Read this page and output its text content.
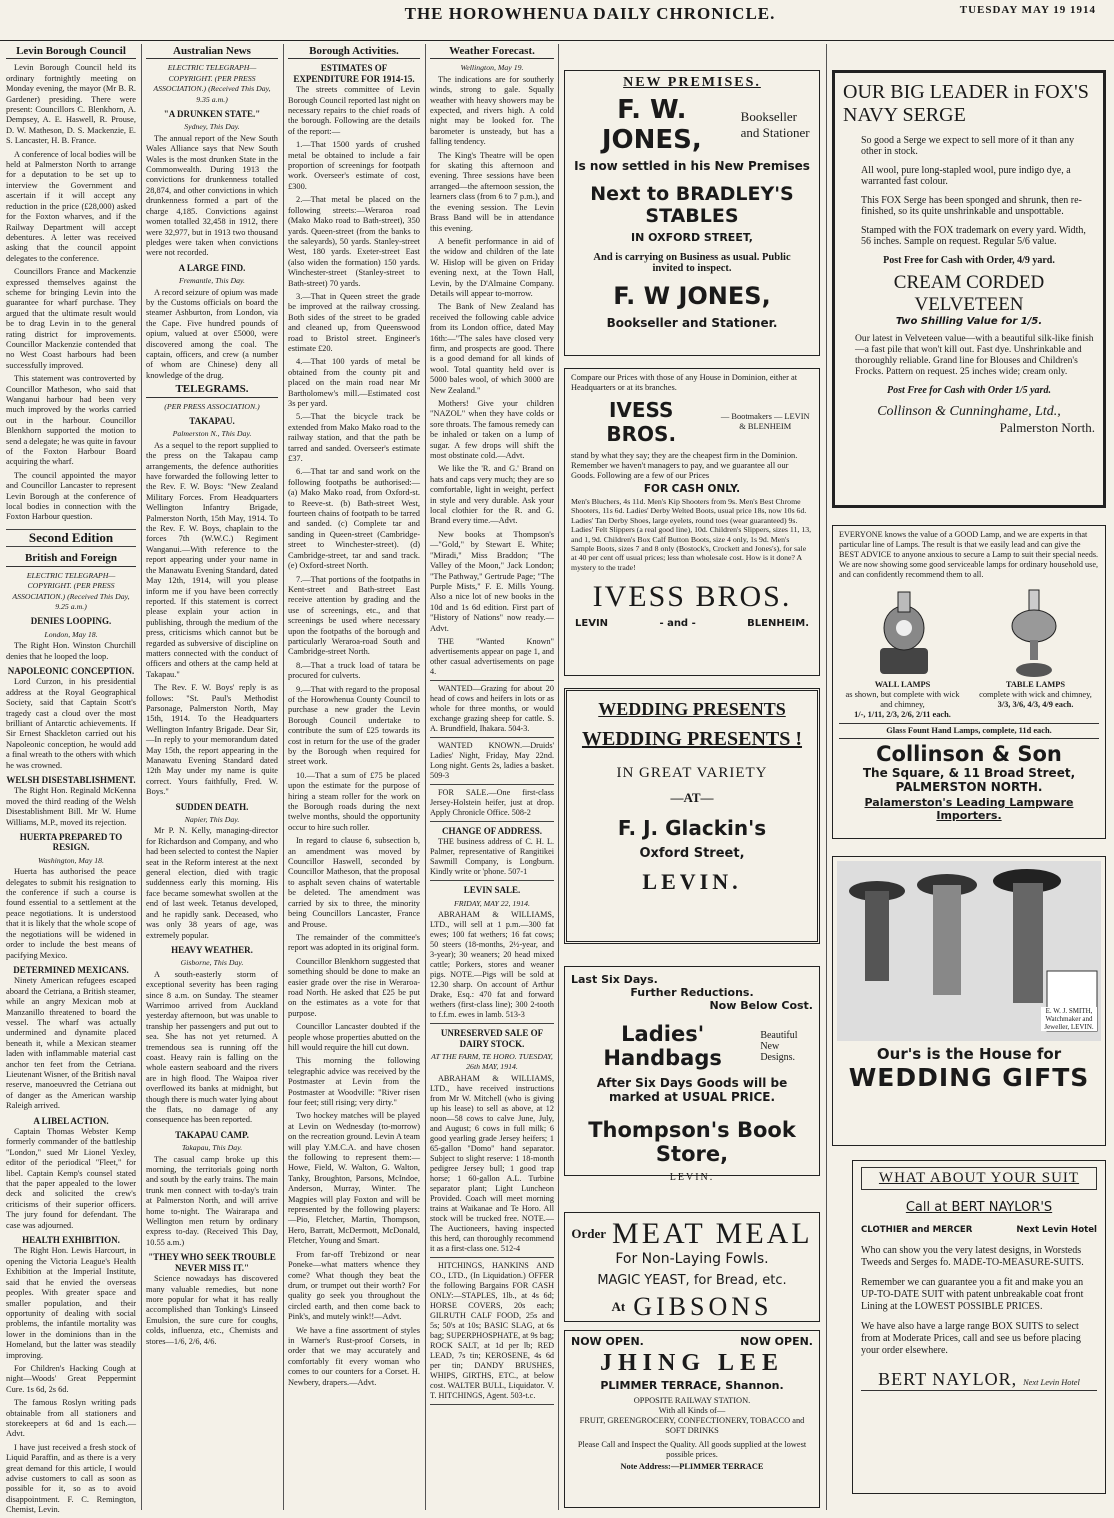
THE HOROWHENUA DAILY CHRONICLE.	TUESDAY MAY 19 1914
Levin Borough Council

Levin Borough Council held its ordinary fortnightly meeting on Monday evening, the mayor (Mr B. R. Gardener) presiding. There were present: Councillors C. Blenkhorn, A. Dempsey, A. E. Haswell, R. Prouse, D. W. Matheson, D. S. Mackenzie, E. S. Lancaster, H. B. France.

A conference of local bodies will be held at Palmerston North to arrange for a deputation to be set up to interview the Government and ascertain if it will accept any reduction in the price (£28,000) asked for the Foxton wharves, and if the Railway Department will accept debentures. A letter was received asking that the council appoint delegates to the conference.

Councillors France and Mackenzie expressed themselves against the scheme for bringing Levin into the guarantee for wharf purchase. They argued that the ultimate result would be to drag Levin in to the general rating district for improvements. Councillor Mackenzie contended that no West Coast harbours had been successfully improved.

This statement was controverted by Councillor Matheson, who said that Wanganui harbour had been very much improved by the works carried out in the harbour. Councillor Blenkhorn supported the motion to send a delegate; he was quite in favour of the Foxton Harbour Board acquiring the wharf.

The council appointed the mayor and Councillor Lancaster to represent Levin Borough at the conference of local bodies in connection with the Foxton Harbour question.

Second Edition
British and Foreign
ELECTRIC TELEGRAPH—COPYRIGHT. (PER PRESS ASSOCIATION.) (Received This Day, 9.25 a.m.)
DENIES LOOPING.
London, May 18.

The Right Hon. Winston Churchill denies that he looped the loop.

NAPOLEONIC CONCEPTION.

Lord Curzon, in his presidential address at the Royal Geographical Society, said that Captain Scott's tragedy cast a cloud over the most brilliant of Antarctic achievements. If Sir Ernest Shackleton carried out his Napoleonic conception, he would add a final wreath to the others with which he was crowned.

WELSH DISESTABLISHMENT.

The Right Hon. Reginald McKenna moved the third reading of the Welsh Disestablishment Bill. Mr W. Hume Williams, M.P., moved its rejection.

HUERTA PREPARED TO RESIGN.
Washington, May 18.

Huerta has authorised the peace delegates to submit his resignation to the conference if such a course is found essential to a settlement at the peace negotiations. It is understood that it is likely that the whole scope of the negotiations will be widened in order to include the best means of pacifying Mexico.

DETERMINED MEXICANS.

Ninety American refugees escaped aboard the Cetriana, a British steamer, while an angry Mexican mob at Manzanillo threatened to board the vessel. The wharf was actually undermined and dynamite placed beneath it, while a Mexican steamer laden with inflammable material cast anchor ten feet from the Cetriana. Lieutenant Wisner, of the British naval reserve, manoeuvred the Cetriana out of danger as the American warship Raleigh arrived.

A LIBEL ACTION.

Captain Thomas Webster Kemp formerly commander of the battleship "London," sued Mr Lionel Yexley, editor of the periodical "Fleet," for libel. Captain Kemp's counsel stated that the paper appealed to the lower deck and solicited the crew's criticisms of their superior officers. The jury found for defendant. The case was adjourned.

HEALTH EXHIBITION.

The Right Hon. Lewis Harcourt, in opening the Victoria League's Health Exhibition at the Imperial Institute, said that he envied the overseas peoples. With greater space and smaller population, and their opportunity of dealing with social problems, the infantile mortality was lower in the dominions than in the Homeland, but the latter was steadily improving.

For Children's Hacking Cough at night—Woods' Great Peppermint Cure. 1s 6d, 2s 6d.

The famous Roslyn writing pads obtainable from all stationers and storekeepers at 6d and 1s each.—Advt.

I have just received a fresh stock of Liquid Paraffin, and as there is a very great demand for this article, I would advise customers to call as soon as possible for it, so as to avoid disappointment. F. C. Remington, Chemist, Levin.

Australian News
ELECTRIC TELEGRAPH—COPYRIGHT. (PER PRESS ASSOCIATION.) (Received This Day, 9.35 a.m.)
"A DRUNKEN STATE."
Sydney, This Day.

The annual report of the New South Wales Alliance says that New South Wales is the most drunken State in the Commonwealth. During 1913 the convictions for drunkenness totalled 28,874, and other convictions in which drunkenness formed a part of the charge 4,185. Convictions against women totalled 32,458 in 1912, there were 32,977, but in 1913 two thousand pledges were taken when convictions were not recorded.

A LARGE FIND.
Fremantle, This Day.

A record seizure of opium was made by the Customs officials on board the steamer Ashburton, from London, via the Cape. Five hundred pounds of opium, valued at over £5000, were discovered among the coal. The captain, officers, and crew (a number of whom are Chinese) deny all knowledge of the drug.

TELEGRAMS.
(PER PRESS ASSOCIATION.)
TAKAPAU.
Palmerston N., This Day.

As a sequel to the report supplied to the press on the Takapau camp arrangements, the defence authorities have forwarded the following letter to the Rev. F. W. Boys: "New Zealand Military Forces. From Headquarters Wellington Infantry Brigade, Palmerston North, 15th May, 1914. To the Rev. F. W. Boys, chaplain to the forces 7th (W.W.C.) Regiment Wanganui.—With reference to the report appearing under your name in the Manawatu Evening Standard, dated May 12th, 1914, will you please inform me if you have been correctly reported. If this statement is correct please explain your action in publishing, through the medium of the press, criticisms which cannot but be regarded as subversive of discipline on matters connected with the conduct of officers and others at the camp held at Takapau."

The Rev. F. W. Boys' reply is as follows: "St. Paul's Methodist Parsonage, Palmerston North, May 15th, 1914. To the Headquarters Wellington Infantry Brigade. Dear Sir,—In reply to your memorandum dated May 15th, the report appearing in the Manawatu Evening Standard dated 12th May under my name is quite correct. Yours faithfully, Fred. W. Boys."

SUDDEN DEATH.
Napier, This Day.

Mr P. N. Kelly, managing-director for Richardson and Company, and who had been selected to contest the Napier seat in the Reform interest at the next general election, died with tragic suddenness early this morning. His face became somewhat swollen at the end of last week. Tetanus developed, and he rapidly sank. Deceased, who was only 38 years of age, was extremely popular.

HEAVY WEATHER.
Gisborne, This Day.

A south-easterly storm of exceptional severity has been raging since 8 a.m. on Sunday. The steamer Warrimoo arrived from Auckland yesterday afternoon, but was unable to tranship her passengers and put out to sea. She has not yet returned. A tremendous sea is running off the coast. Heavy rain is falling on the whole eastern seaboard and the rivers are in high flood. The Waipoa river overflowed its banks at midnight, but though there is much water lying about the flats, no damage of any consequence has been reported.

TAKAPAU CAMP.
Takapau, This Day.

The casual camp broke up this morning, the territorials going north and south by the early trains. The main trunk men connect with to-day's train at Palmerston North, and will arrive home to-night. The Wairarapa and Wellington men return by ordinary express to-day. (Received This Day, 10.55 a.m.)

"THEY WHO SEEK TROUBLE NEVER MISS IT."

Science nowadays has discovered many valuable remedies, but none more popular for what it has really accomplished than Tonking's Linseed Emulsion, the sure cure for coughs, colds, influenza, etc., Chemists and stores—1/6, 2/6, 4/6.

Borough Activities.
ESTIMATES OF EXPENDITURE FOR 1914-15.

The streets committee of Levin Borough Council reported last night on necessary repairs to the chief roads of the borough. Following are the details of the report:—

1.—That 1500 yards of crushed metal be obtained to include a fair proportion of screenings for footpath work. Overseer's estimate of cost, £300.

2.—That metal be placed on the following streets:—Weraroa road (Mako Mako road to Bath-street), 350 yards. Queen-street (from the banks to the saleyards), 50 yards. Stanley-street West, 180 yards. Exeter-street East (also widen the formation) 150 yards. Winchester-street (Stanley-street to Bath-street) 70 yards.

3.—That in Queen street the grade be improved at the railway crossing. Both sides of the street to be graded and cleaned up, from Queenswood road to Bristol street. Engineer's estimate £20.

4.—That 100 yards of metal be obtained from the county pit and placed on the main road near Mr Bartholomew's mill.—Estimated cost 3s per yard.

5.—That the bicycle track be extended from Mako Mako road to the railway station, and that the path be tarred and sanded. Overseer's estimate £37.

6.—That tar and sand work on the following footpaths be authorised:—(a) Mako Mako road, from Oxford-st. to Reeve-st. (b) Bath-street West, fourteen chains of footpath to be tarred and sanded. (c) Complete tar and sanding in Queen-street (Cambridge-street to Winchester-street). (d) Cambridge-street, tar and sand track. (e) Oxford-street North.

7.—That portions of the footpaths in Kent-street and Bath-street East receive attention by grading and the use of screenings, etc., and that screenings be used where necessary upon the footpaths of the borough and particularly Weraroa-road South and Cambridge-street North.

8.—That a truck load of tatara be procured for culverts.

9.—That with regard to the proposal of the Horowhenua County Council to purchase a new grader the Levin Borough Council undertake to contribute the sum of £25 towards its cost in return for the use of the grader by the Borough when required for street work.

10.—That a sum of £75 be placed upon the estimate for the purpose of hiring a steam roller for the work on the Borough roads during the next twelve months, should the opportunity occur to hire such roller.

In regard to clause 6, subsection b, an amendment was moved by Councillor Haswell, seconded by Councillor Matheson, that the proposal to asphalt seven chains of watertable be deleted. The amendment was carried by six to three, the minority being Councillors Lancaster, France and Prouse.

The remainder of the committee's report was adopted in its original form.

Councillor Blenkhorn suggested that something should be done to make an easier grade over the rise in Weraroa-road North. He asked that £25 be put on the estimates as a vote for that purpose.

Councillor Lancaster doubted if the people whose properties abutted on the hill would require the hill cut down.

This morning the following telegraphic advice was received by the Postmaster at Levin from the Postmaster at Woodville: "River risen four feet; still rising; very dirty."

Two hockey matches will be played at Levin on Wednesday (to-morrow) on the recreation ground. Levin A team will play Y.M.C.A. and have chosen the following to represent them:—Howe, Field, W. Walton, G. Walton, Tanky, Broughton, Parsons, McIndoe, Anderson, Murray, Winter. The Magpies will play Foxton and will be represented by the following players:—Pio, Fletcher, Martin, Thompson, Hero, Barratt, McDermott, McDonald, Fletcher, Young and Smart.

From far-off Trebizond or near Poneke—what matters whence they come? What though they beat the drum, or trumpet out their worth? For quality go seek you throughout the circled earth, and then come back to Pink's, and mutely wink!!—Advt.

We have a fine assortment of styles in Warner's Rust-proof Corsets, in order that we may accurately and comfortably fit every woman who comes to our counters for a Corset. H. Newbery, drapers.—Advt.

Weather Forecast.
Wellington, May 19.

The indications are for southerly winds, strong to gale. Squally weather with heavy showers may be expected, and rivers high. A cold night may be looked for. The barometer is unsteady, but has a falling tendency.

The King's Theatre will be open for skating this afternoon and evening. Three sessions have been arranged—the afternoon session, the learners class (from 6 to 7 p.m.), and the evening session. The Levin Brass Band will be in attendance this evening.

A benefit performance in aid of the widow and children of the late W. Hislop will be given on Friday evening next, at the Town Hall, Levin, by the D'Almaine Company. Details will appear to-morrow.

The Bank of New Zealand has received the following cable advice from its London office, dated May 16th:—"The sales have closed very firm, and prospects are good. There is a good demand for all kinds of wool. Total quantity held over is 5000 bales wool, of which 3000 are New Zealand."

Mothers! Give your children "NAZOL" when they have colds or sore throats. The famous remedy can be inhaled or taken on a lump of sugar. A few drops will shift the most obstinate cold.—Advt.

We like the 'R. and G.' Brand on hats and caps very much; they are so comfortable, light in weight, perfect in style and very durable. Ask your local clothier for the R. and G. Brand every time.—Advt.

New books at Thompson's—"Gold," by Stewart E. White; "Miradi," Miss Braddon; "The Valley of the Moon," Jack London; "The Pathway," Gertrude Page; "The Purple Mists," F. E. Mills Young. Also a nice lot of new books in the 10d and 1s 6d edition. First part of "History of Nations" now ready.—Advt.

THE "Wanted Known" advertisements appear on page 1, and other casual advertisements on page 4.

WANTED—Grazing for about 20 head of cows and heifers in lots or as whole for three months, or would exchange grazing sheep for cattle. S. A. Brundfield, Ihakara. 504-3.

WANTED KNOWN.—Druids' Ladies' Night, Friday, May 22nd. Long night. Gents 2s, ladies a basket. 509-3

FOR SALE.—One first-class Jersey-Holstein heifer, just at drop. Apply Chronicle Office. 508-2

CHANGE OF ADDRESS.

THE business address of C. H. L. Palmer, representative of Rangitikei Sawmill Company, is Longburn. Kindly write or 'phone. 507-1

LEVIN SALE.
FRIDAY, MAY 22, 1914.

ABRAHAM & WILLIAMS, LTD., will sell at 1 p.m.—300 fat ewes; 100 fat wethers; 16 fat cows; 50 steers (18-months, 2½-year, and 3-year); 30 weaners; 20 head mixed cattle; Porkers, stores and weaner pigs. NOTE.—Pigs will be sold at 12.30 sharp. On account of Arthur Drake, Esq.: 470 fat and forward wethers (first-class line); 300 2-tooth to f.f.m. ewes in lamb. 513-3

UNRESERVED SALE OF DAIRY STOCK.
AT THE FARM, TE HORO. TUESDAY, 26th MAY, 1914.

ABRAHAM & WILLIAMS, LTD., have received instructions from Mr W. Mitchell (who is giving up his lease) to sell as above, at 12 noon—58 cows to calve June, July, and August; 6 cows in full milk; 6 good yearling grade Jersey heifers; 1 65-gallon "Domo" hand separator. Subject to slight reserve: 1 18-month pedigree Jersey bull; 1 good trap horse; 1 60-gallon A.L. Turbine separator plant; Light Luncheon Provided. Coach will meet morning trains at Waikanae and Te Horo. All stock will be trucked free. NOTE.—The Auctioneers, having inspected this herd, can thoroughly recommend it as a first-class one. 512-4

HITCHINGS, HANKINS AND CO., LTD., (In Liquidation.) OFFER the following Bargains FOR CASH ONLY:—STAPLES, 1lb., at 4s 6d; HORSE COVERS, 20s each; GILRUTH CALF FOOD, 25s and 5s; 50's at 10s; BASIC SLAG, at 6s bag; SUPERPHOSPHATE, at 9s bag; ROCK SALT, at 1d per lb; RED LEAD, 7s tin; KEROSENE, 4s 6d per tin; DANDY BRUSHES, WHIPS, GIRTHS, ETC., at below cost. WALTER BULL, Liquidator. V. T. HITCHINGS, Agent. 503-t.c.

NEW PREMISES.
F. W. JONES,
Bookseller and Stationer
Is now settled in his New Premises
Next to BRADLEY'S STABLES
IN OXFORD STREET,
And is carrying on Business as usual. Public invited to inspect.
F. W JONES,
Bookseller and Stationer.
Compare our Prices with those of any House in Dominion, either at Headquarters or at its branches.
IVESS BROS.
— Bootmakers — LEVIN & BLENHEIM
stand by what they say; they are the cheapest firm in the Dominion. Remember we haven't managers to pay, and we guarantee all our Goods. Following are a few of our Prices
FOR CASH ONLY.
Men's Bluchers, 4s 11d. Men's Kip Shooters from 9s. Men's Best Chrome Shooters, 11s 6d. Ladies' Derby Welted Boots, usual price 18s, now 10s 6d. Ladies' Tan Derby Shoes, large eyelets, round toes (wear guaranteed) 9s. Ladies' Felt Slippers (a real good line), 10d. Children's Slippers, sizes 11, 13, and 1, 9d. Children's Box Calf Button Boots, size 4 only, 1s 9d. Men's Sample Boots, sizes 7 and 8 only (Bostock's, Crockett and Jones's), for sale at 40 per cent off usual prices; less than wholesale cost. How is it done? A mystery to the trade!
IVESS BROS.
LEVIN	- and -	BLENHEIM.
WEDDING PRESENTS
WEDDING PRESENTS !
IN GREAT VARIETY
—AT—
F. J. Glackin's
Oxford Street,
LEVIN.
Last Six Days.
Further Reductions.
Now Below Cost.
Ladies' Handbags
Beautiful New Designs.
After Six Days Goods will be marked at USUAL PRICE.
Thompson's Book Store,
LEVIN.
Order MEAT MEAL
For Non-Laying Fowls.
MAGIC YEAST, for Bread, etc.
At GIBSONS
NOW OPEN.	NOW OPEN.
JHING LEE
PLIMMER TERRACE, Shannon.
OPPOSITE RAILWAY STATION.
With all Kinds of—
FRUIT, GREENGROCERY, CONFECTIONERY, TOBACCO and SOFT DRINKS
Please Call and Inspect the Quality. All goods supplied at the lowest possible prices.
Note Address:—PLIMMER TERRACE
OUR BIG LEADER in FOX'S NAVY SERGE
So good a Serge we expect to sell more of it than any other in stock.
All wool, pure long-stapled wool, pure indigo dye, a warranted fast colour.
This FOX Serge has been sponged and shrunk, then re-finished, so its quite unshrinkable and unspottable.
Stamped with the FOX trademark on every yard. Width, 56 inches. Sample on request. Regular 5/6 value.
Post Free for Cash with Order, 4/9 yard.
CREAM CORDED VELVETEEN
Two Shilling Value for 1/5.
Our latest in Velveteen value—with a beautiful silk-like finish—a fast pile that won't kill out. Fast dye. Unshrinkable and thoroughly reliable. Grand line for Blouses and Children's Frocks. Pattern on request. 25 inches wide; cream only.
Post Free for Cash with Order 1/5 yard.
Collinson & Cunninghame, Ltd.,
Palmerston North.
EVERYONE knows the value of a GOOD Lamp, and we are experts in that particular line of Lamps. The result is that we easily lead and can give the BEST ADVICE to anyone anxious to secure a Lamp to suit their special needs. We are now showing some good serviceable lamps for ordinary household use, and can confidently recommend them to all.
WALL LAMPS
as shown, but complete with wick and chimney,
1/-, 1/11, 2/3, 2/6, 2/11 each.
TABLE LAMPS
complete with wick and chimney,
3/3, 3/6, 4/3, 4/9 each.
Glass Fount Hand Lamps, complete, 11d each.
Collinson & Son
The Square, & 11 Broad Street,
PALMERSTON NORTH.
Palamerston's Leading Lampware Importers.
E. W. J. SMITH, Watchmaker and Jeweller, LEVIN.
Our's is the House for
WEDDING GIFTS
WHAT ABOUT YOUR SUIT
Call at BERT NAYLOR'S
CLOTHIER and MERCER	Next Levin Hotel
Who can show you the very latest designs, in Worsteds Tweeds and Serges fo. MADE-TO-MEASURE-SUITS.
Remember we can guarantee you a fit and make you an UP-TO-DATE SUIT with patent unbreakable coat front Lining at the LOWEST POSSIBLE PRICES.
We have also have a large range BOX SUITS to select from at Moderate Prices, call and see us before placing your order elsewhere.
BERT NAYLOR, Next Levin Hotel
